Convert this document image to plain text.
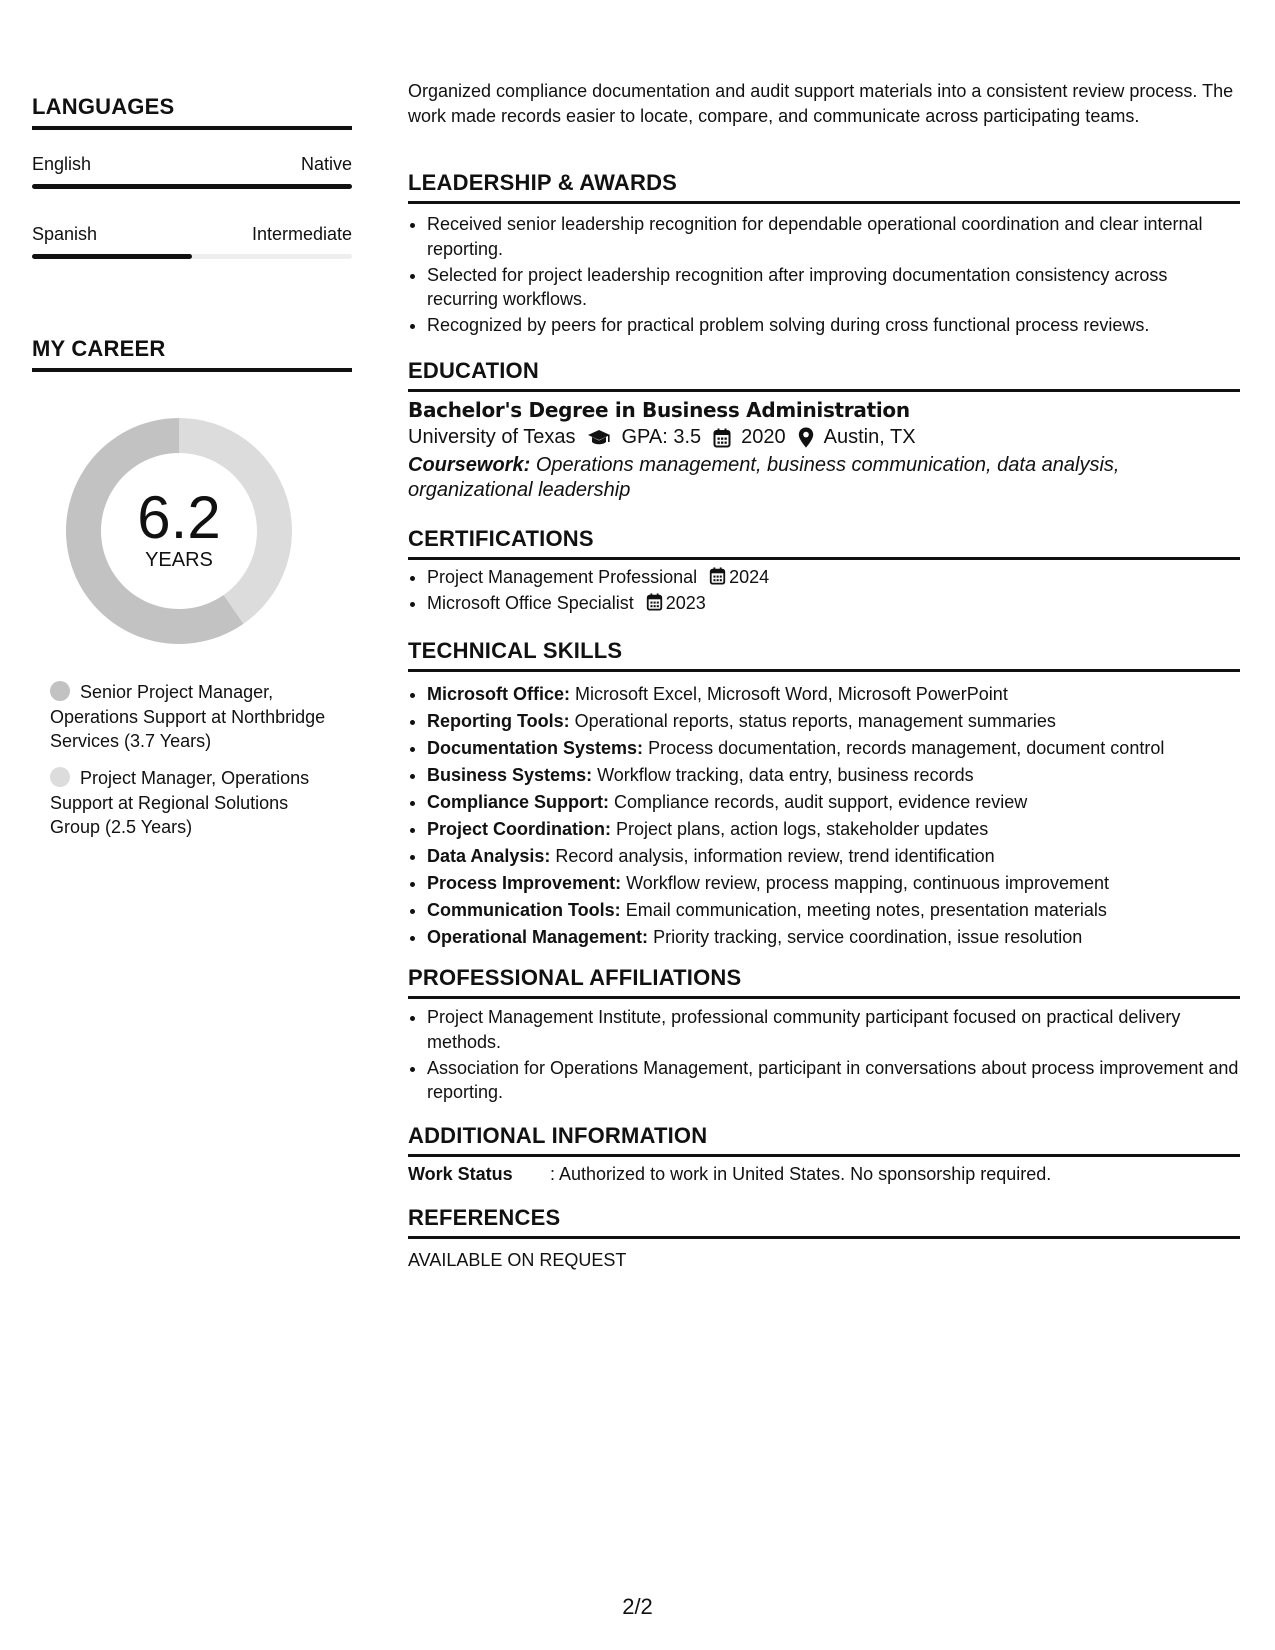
LANGUAGES
English	Native
Spanish	Intermediate
MY CAREER
6.2
YEARS
Senior Project Manager, Operations Support at Northbridge Services (3.7 Years)
Project Manager, Operations Support at Regional Solutions Group (2.5 Years)
Organized compliance documentation and audit support materials into a consistent review process. The work made records easier to locate, compare, and communicate across participating teams.
LEADERSHIP & AWARDS
• Received senior leadership recognition for dependable operational coordination and clear internal reporting.
• Selected for project leadership recognition after improving documentation consistency across recurring workflows.
• Recognized by peers for practical problem solving during cross functional process reviews.
EDUCATION
Bachelor's Degree in Business Administration
University of Texas GPA: 3.5 2020 Austin, TX
Coursework: Operations management, business communication, data analysis, organizational leadership
CERTIFICATIONS
• Project Management Professional 2024
• Microsoft Office Specialist 2023
TECHNICAL SKILLS
• Microsoft Office: Microsoft Excel, Microsoft Word, Microsoft PowerPoint
• Reporting Tools: Operational reports, status reports, management summaries
• Documentation Systems: Process documentation, records management, document control
• Business Systems: Workflow tracking, data entry, business records
• Compliance Support: Compliance records, audit support, evidence review
• Project Coordination: Project plans, action logs, stakeholder updates
• Data Analysis: Record analysis, information review, trend identification
• Process Improvement: Workflow review, process mapping, continuous improvement
• Communication Tools: Email communication, meeting notes, presentation materials
• Operational Management: Priority tracking, service coordination, issue resolution
PROFESSIONAL AFFILIATIONS
• Project Management Institute, professional community participant focused on practical delivery methods.
• Association for Operations Management, participant in conversations about process improvement and reporting.
ADDITIONAL INFORMATION
Work Status	: Authorized to work in United States. No sponsorship required.
REFERENCES
AVAILABLE ON REQUEST
2/2
